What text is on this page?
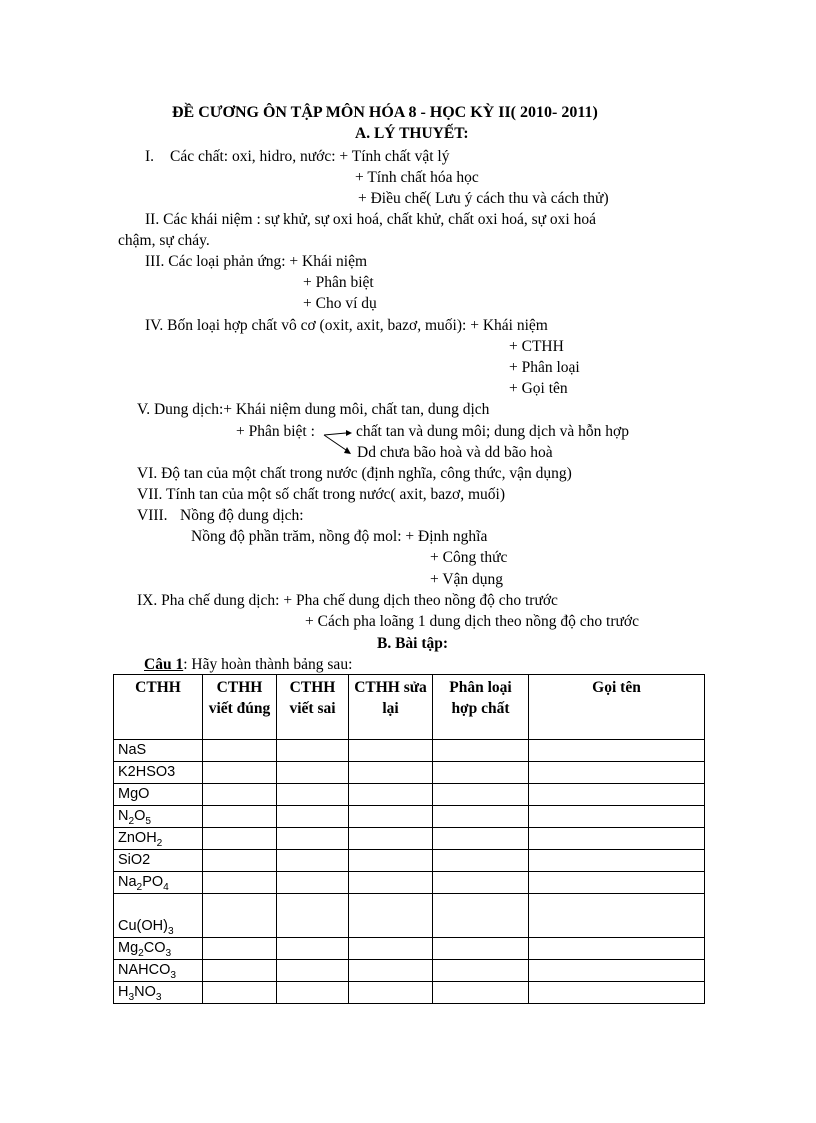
ĐỀ CƯƠNG ÔN TẬP MÔN HÓA 8 - HỌC KỲ II( 2010- 2011)
A. LÝ THUYẾT:
I. Các chất: oxi, hidro, nước: + Tính chất vật lý
+ Tính chất hóa học
+ Điều chế( Lưu ý cách thu và cách thử)
II. Các khái niệm : sự khử, sự oxi hoá, chất khử, chất oxi hoá, sự oxi hoá
chậm, sự cháy.
III. Các loại phản ứng: + Khái niệm
+ Phân biệt
+ Cho ví dụ
IV. Bốn loại hợp chất vô cơ (oxit, axit, bazơ, muối): + Khái niệm
+ CTHH
+ Phân loại
+ Gọi tên
V. Dung dịch:+ Khái niệm dung môi, chất tan, dung dịch
+ Phân biệt :	chất tan và dung môi; dung dịch và hỗn hợp
Dd chưa bão hoà và dd bão hoà
VI. Độ tan của một chất trong nước (định nghĩa, công thức, vận dụng)
VII. Tính tan của một số chất trong nước( axit, bazơ, muối)
VIII. Nồng độ dung dịch:
Nồng độ phần trăm, nồng độ mol: + Định nghĩa
+ Công thức
+ Vận dụng
IX. Pha chế dung dịch: + Pha chế dung dịch theo nồng độ cho trước
+ Cách pha loãng 1 dung dịch theo nồng độ cho trước
B. Bài tập:
Câu 1: Hãy hoàn thành bảng sau:
CTHH	CTHH viết đúng	CTHH viết sai	CTHH sửa lại	Phân loại hợp chất	Gọi tên
NaS					
K2HSO3					
MgO					
$N_2O_5$					
ZnOH$_2$					
SiO2					
$Na_2PO_4$					
$Cu(OH)_3$					
$Mg_2CO_3$					
$NAHCO_3$					
$H_3NO_3$					
